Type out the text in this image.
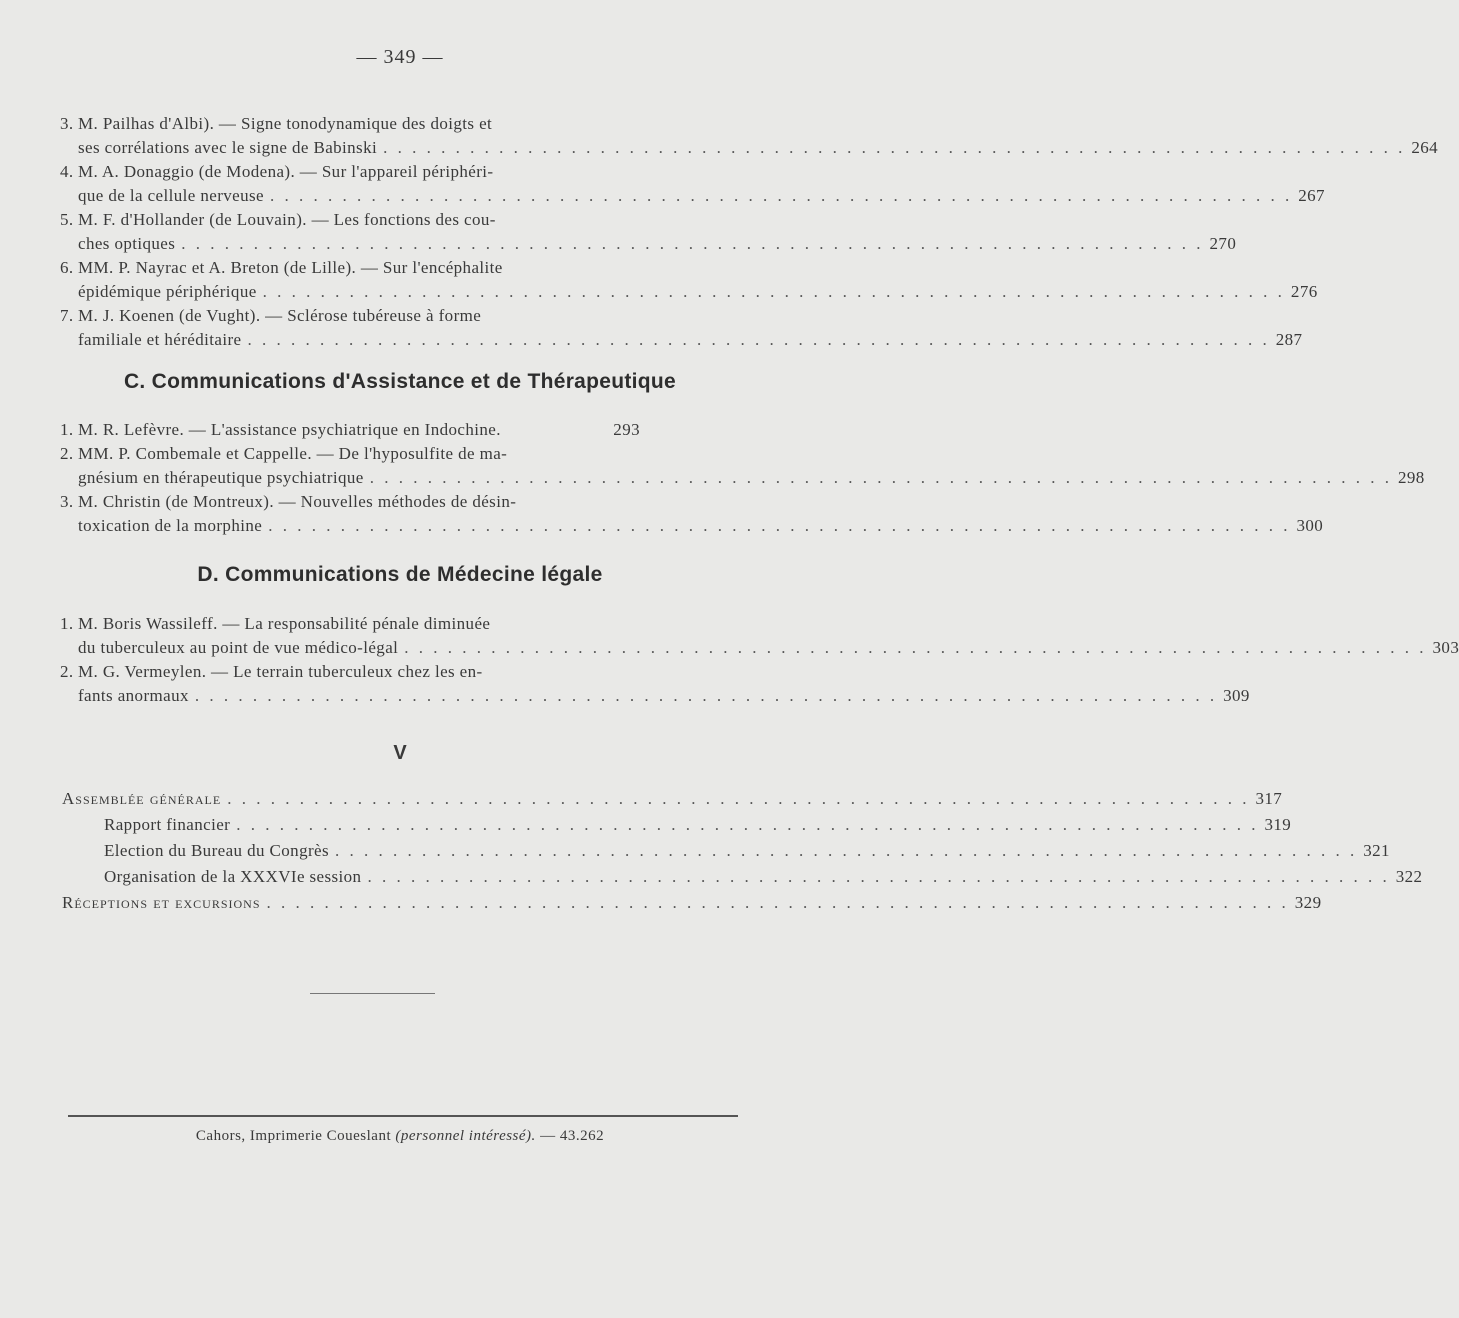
— 349 —
3. M. Pailhas d'Albi). — Signe tonodynamique des doigts et
ses corrélations avec le signe de Babinski . . . . . . . . . . . . . . . . . . . . . . . . . . . . . . . . . . . . . . . . . . . . . . . . . . . . . . . . . . . . . . . . . . . . . . . 264
4. M. A. Donaggio (de Modena). — Sur l'appareil périphéri-
que de la cellule nerveuse . . . . . . . . . . . . . . . . . . . . . . . . . . . . . . . . . . . . . . . . . . . . . . . . . . . . . . . . . . . . . . . . . . . . . . . 267
5. M. F. d'Hollander (de Louvain). — Les fonctions des cou-
ches optiques . . . . . . . . . . . . . . . . . . . . . . . . . . . . . . . . . . . . . . . . . . . . . . . . . . . . . . . . . . . . . . . . . . . . . . . 270
6. MM. P. Nayrac et A. Breton (de Lille). — Sur l'encéphalite
épidémique périphérique . . . . . . . . . . . . . . . . . . . . . . . . . . . . . . . . . . . . . . . . . . . . . . . . . . . . . . . . . . . . . . . . . . . . . . . 276
7. M. J. Koenen (de Vught). — Sclérose tubéreuse à forme
familiale et héréditaire . . . . . . . . . . . . . . . . . . . . . . . . . . . . . . . . . . . . . . . . . . . . . . . . . . . . . . . . . . . . . . . . . . . . . . . 287
C. Communications d'Assistance et de Thérapeutique
1. M. R. Lefèvre. — L'assistance psychiatrique en Indochine.	293
2. MM. P. Combemale et Cappelle. — De l'hyposulfite de ma-
gnésium en thérapeutique psychiatrique . . . . . . . . . . . . . . . . . . . . . . . . . . . . . . . . . . . . . . . . . . . . . . . . . . . . . . . . . . . . . . . . . . . . . . . 298
3. M. Christin (de Montreux). — Nouvelles méthodes de désin-
toxication de la morphine . . . . . . . . . . . . . . . . . . . . . . . . . . . . . . . . . . . . . . . . . . . . . . . . . . . . . . . . . . . . . . . . . . . . . . . 300
D. Communications de Médecine légale
1. M. Boris Wassileff. — La responsabilité pénale diminuée
du tuberculeux au point de vue médico-légal . . . . . . . . . . . . . . . . . . . . . . . . . . . . . . . . . . . . . . . . . . . . . . . . . . . . . . . . . . . . . . . . . . . . . . . 303
2. M. G. Vermeylen. — Le terrain tuberculeux chez les en-
fants anormaux . . . . . . . . . . . . . . . . . . . . . . . . . . . . . . . . . . . . . . . . . . . . . . . . . . . . . . . . . . . . . . . . . . . . . . . 309
V
Assemblée générale . . . . . . . . . . . . . . . . . . . . . . . . . . . . . . . . . . . . . . . . . . . . . . . . . . . . . . . . . . . . . . . . . . . . . . . 317
Rapport financier . . . . . . . . . . . . . . . . . . . . . . . . . . . . . . . . . . . . . . . . . . . . . . . . . . . . . . . . . . . . . . . . . . . . . . . 319
Election du Bureau du Congrès . . . . . . . . . . . . . . . . . . . . . . . . . . . . . . . . . . . . . . . . . . . . . . . . . . . . . . . . . . . . . . . . . . . . . . . 321
Organisation de la XXXVIe session . . . . . . . . . . . . . . . . . . . . . . . . . . . . . . . . . . . . . . . . . . . . . . . . . . . . . . . . . . . . . . . . . . . . . . . 322
Réceptions et excursions . . . . . . . . . . . . . . . . . . . . . . . . . . . . . . . . . . . . . . . . . . . . . . . . . . . . . . . . . . . . . . . . . . . . . . . 329
Cahors, Imprimerie Coueslant (personnel intéressé). — 43.262
